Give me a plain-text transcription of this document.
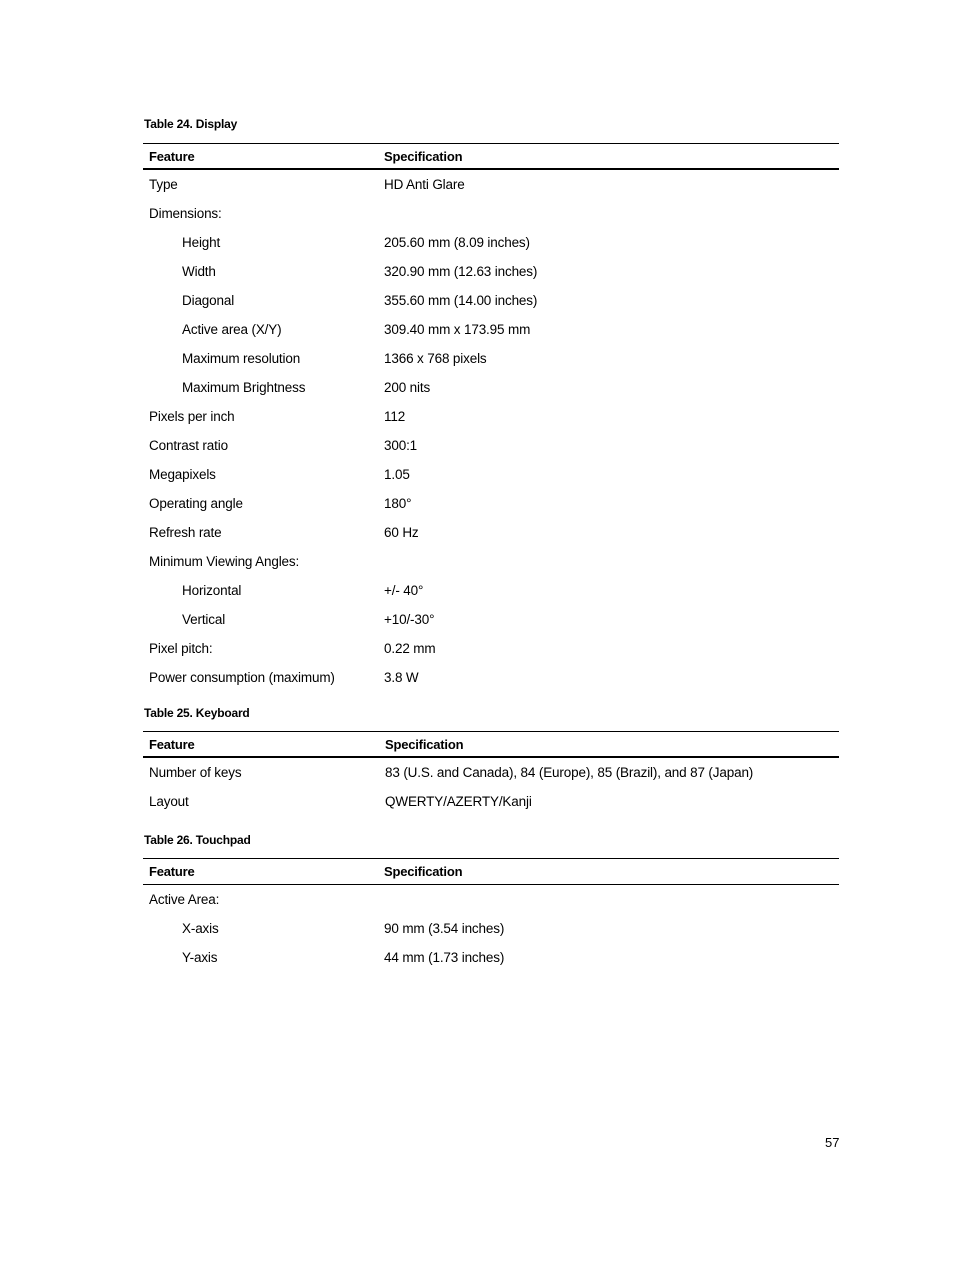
Table 24. Display
Feature	Specification
Type	HD Anti Glare
Dimensions:
Height	205.60 mm (8.09 inches)
Width	320.90 mm (12.63 inches)
Diagonal	355.60 mm (14.00 inches)
Active area (X/Y)	309.40 mm x 173.95 mm
Maximum resolution	1366 x 768 pixels
Maximum Brightness	200 nits
Pixels per inch	112
Contrast ratio	300:1
Megapixels	1.05
Operating angle	180°
Refresh rate	60 Hz
Minimum Viewing Angles:
Horizontal	+/- 40°
Vertical	+10/-30°
Pixel pitch:	0.22 mm
Power consumption (maximum)	3.8 W
Table 25. Keyboard
Feature	Specification
Number of keys	83 (U.S. and Canada), 84 (Europe), 85 (Brazil), and 87 (Japan)
Layout	QWERTY/AZERTY/Kanji
Table 26. Touchpad
Feature	Specification
Active Area:
X-axis	90 mm (3.54 inches)
Y-axis	44 mm (1.73 inches)
57
